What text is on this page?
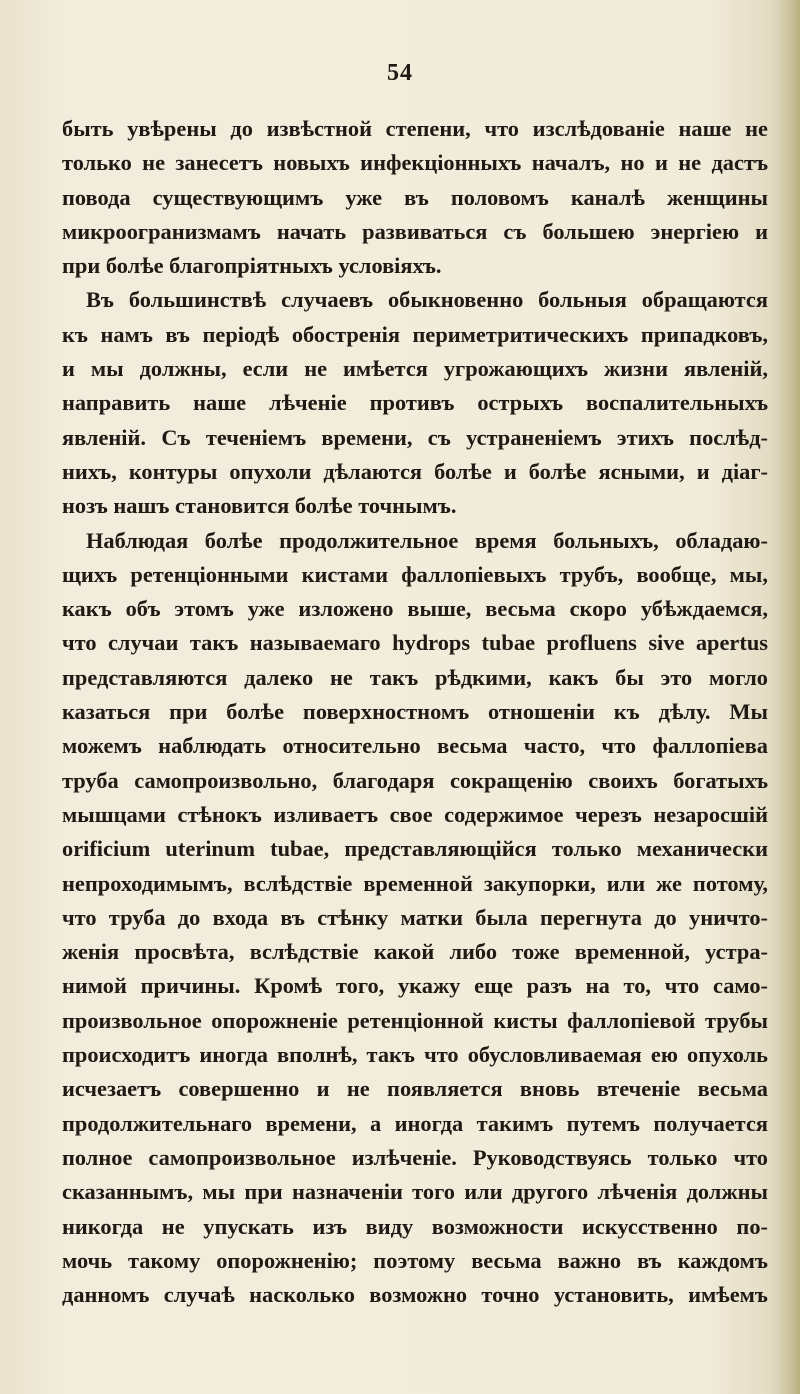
54
быть увѣрены до извѣстной степени, что изслѣдованіе наше не
только не занесетъ новыхъ инфекціонныхъ началъ, но и не дастъ
повода существующимъ уже въ половомъ каналѣ женщины
микроогранизмамъ начать развиваться съ большею энергіею и
при болѣе благопріятныхъ условіяхъ.
Въ большинствѣ случаевъ обыкновенно больныя обращаются
къ намъ въ періодѣ обостренія периметритическихъ припадковъ,
и мы должны, если не имѣется угрожающихъ жизни явленій,
направить наше лѣченіе противъ острыхъ воспалительныхъ
явленій. Съ теченіемъ времени, съ устраненіемъ этихъ послѣд-
нихъ, контуры опухоли дѣлаются болѣе и болѣе ясными, и діаг-
нозъ нашъ становится болѣе точнымъ.
Наблюдая болѣе продолжительное время больныхъ, обладаю-
щихъ ретенціонными кистами фаллопіевыхъ трубъ, вообще, мы,
какъ объ этомъ уже изложено выше, весьма скоро убѣждаемся,
что случаи такъ называемаго hydrops tubae profluens sive apertus
представляются далеко не такъ рѣдкими, какъ бы это могло
казаться при болѣе поверхностномъ отношеніи къ дѣлу. Мы
можемъ наблюдать относительно весьма часто, что фаллопіева
труба самопроизвольно, благодаря сокращенію своихъ богатыхъ
мышцами стѣнокъ изливаетъ свое содержимое черезъ незаросшій
orificium uterinum tubae, представляющійся только механически
непроходимымъ, вслѣдствіе временной закупорки, или же потому,
что труба до входа въ стѣнку матки была перегнута до уничто-
женія просвѣта, вслѣдствіе какой либо тоже временной, устра-
нимой причины. Кромѣ того, укажу еще разъ на то, что само-
произвольное опорожненіе ретенціонной кисты фаллопіевой трубы
происходитъ иногда вполнѣ, такъ что обусловливаемая ею опухоль
исчезаетъ совершенно и не появляется вновь втеченіе весьма
продолжительнаго времени, а иногда такимъ путемъ получается
полное самопроизвольное излѣченіе. Руководствуясь только что
сказаннымъ, мы при назначеніи того или другого лѣченія должны
никогда не упускать изъ виду возможности искусственно по-
мочь такому опорожненію; поэтому весьма важно въ каждомъ
данномъ случаѣ насколько возможно точно установить, имѣемъ
